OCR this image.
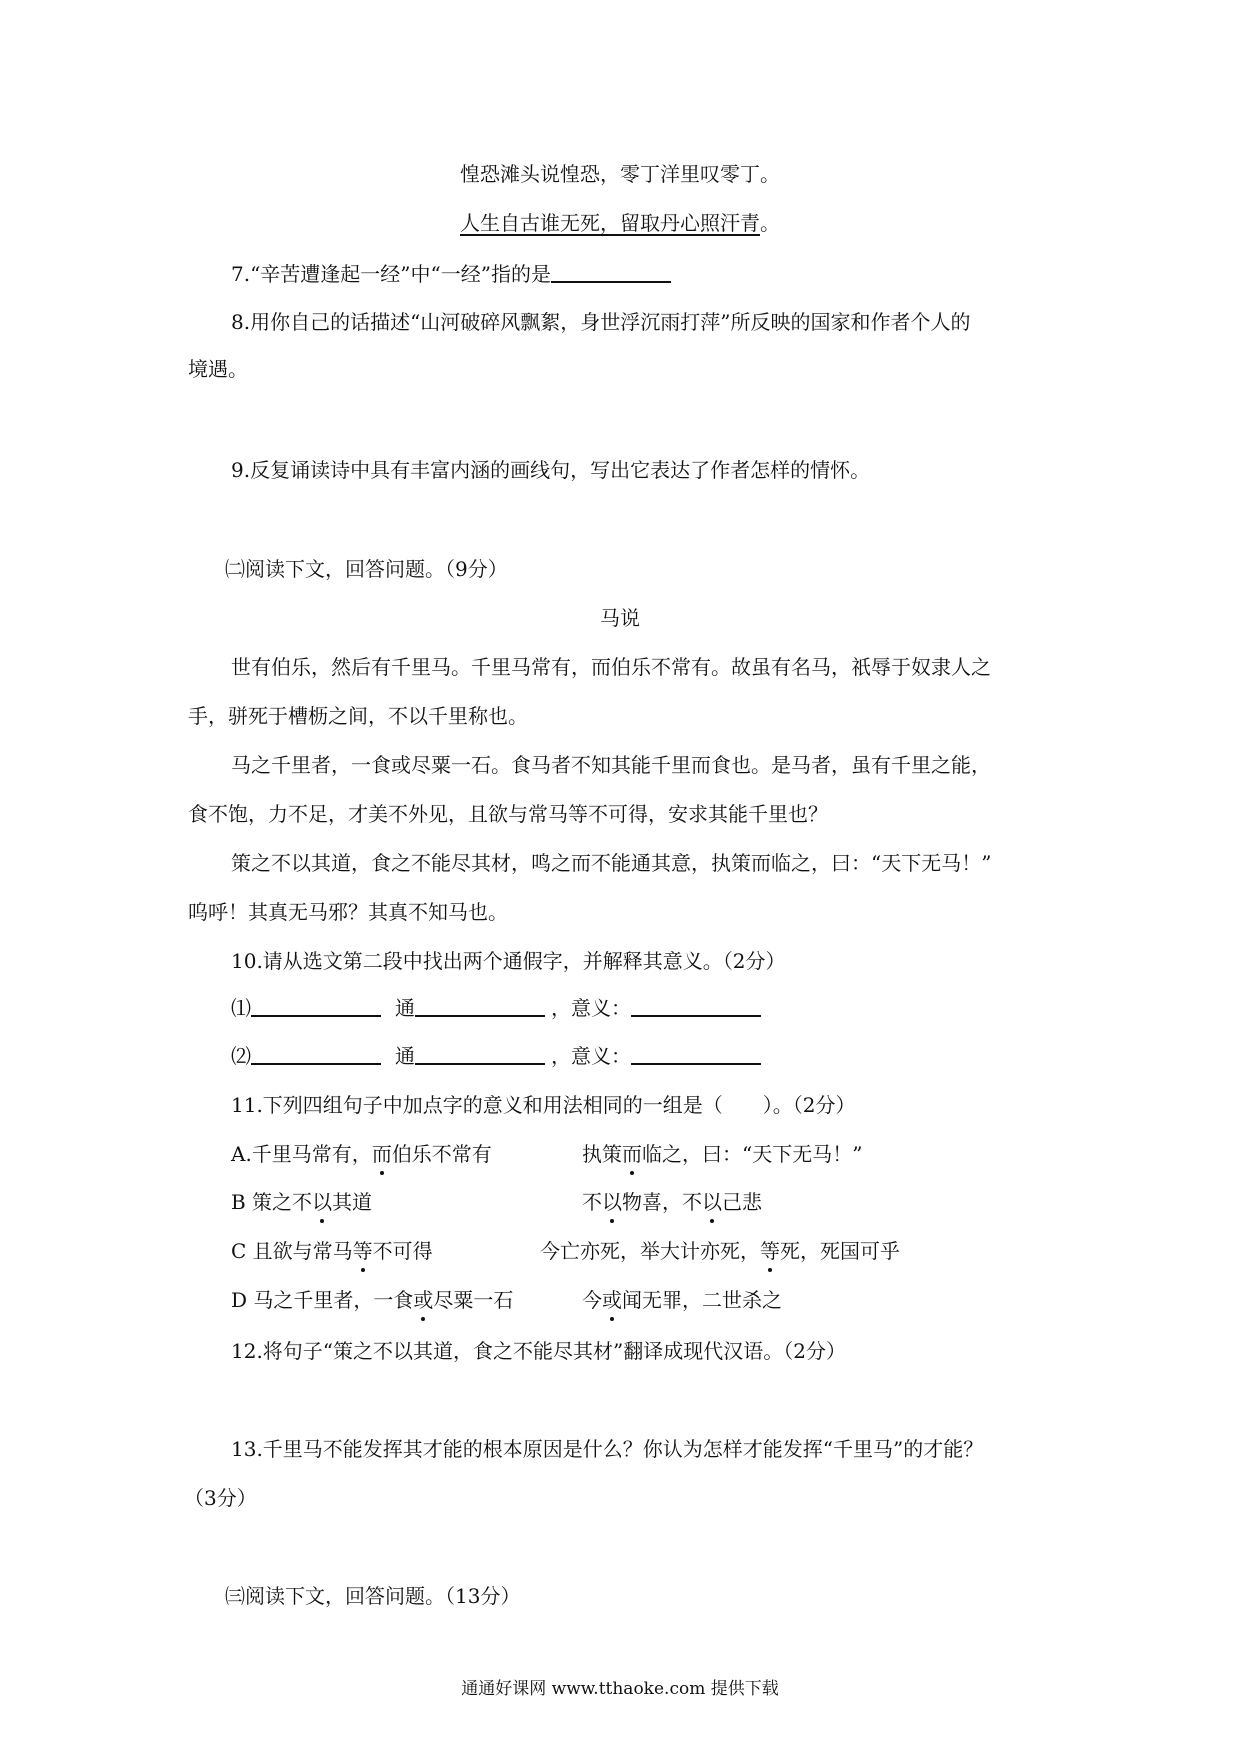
惶恐滩头说惶恐，零丁洋里叹零丁。
人生自古谁无死，留取丹心照汗青。
7.“辛苦遭逢起一经”中“一经”指的是
8.用你自己的话描述“山河破碎风飘絮，身世浮沉雨打萍”所反映的国家和作者个人的
境遇。
9.反复诵读诗中具有丰富内涵的画线句，写出它表达了作者怎样的情怀。
㈡阅读下文，回答问题。（9分）
马说
世有伯乐，然后有千里马。千里马常有，而伯乐不常有。故虽有名马，祇辱于奴隶人之
手，骈死于槽枥之间，不以千里称也。
马之千里者，一食或尽粟一石。食马者不知其能千里而食也。是马者，虽有千里之能，
食不饱，力不足，才美不外见，且欲与常马等不可得，安求其能千里也？
策之不以其道，食之不能尽其材，鸣之而不能通其意，执策而临之，曰：“天下无马！”
呜呼！其真无马邪？其真不知马也。
10.请从选文第二段中找出两个通假字，并解释其意义。（2分）
⑴	通	，意义：
⑵	通	，意义：
11.下列四组句子中加点字的意义和用法相同的一组是（　　）。（2分）
A.千里马常有，而伯乐不常有	执策而临之，曰：“天下无马！”
B 策之不以其道	不以物喜，不以己悲
C 且欲与常马等不可得	今亡亦死，举大计亦死，等死，死国可乎
D 马之千里者，一食或尽粟一石	今或闻无罪，二世杀之
12.将句子“策之不以其道，食之不能尽其材”翻译成现代汉语。（2分）
13.千里马不能发挥其才能的根本原因是什么？你认为怎样才能发挥“千里马”的才能？
（3分）
㈢阅读下文，回答问题。（13分）
通通好课网 www.tthaoke.com 提供下载
